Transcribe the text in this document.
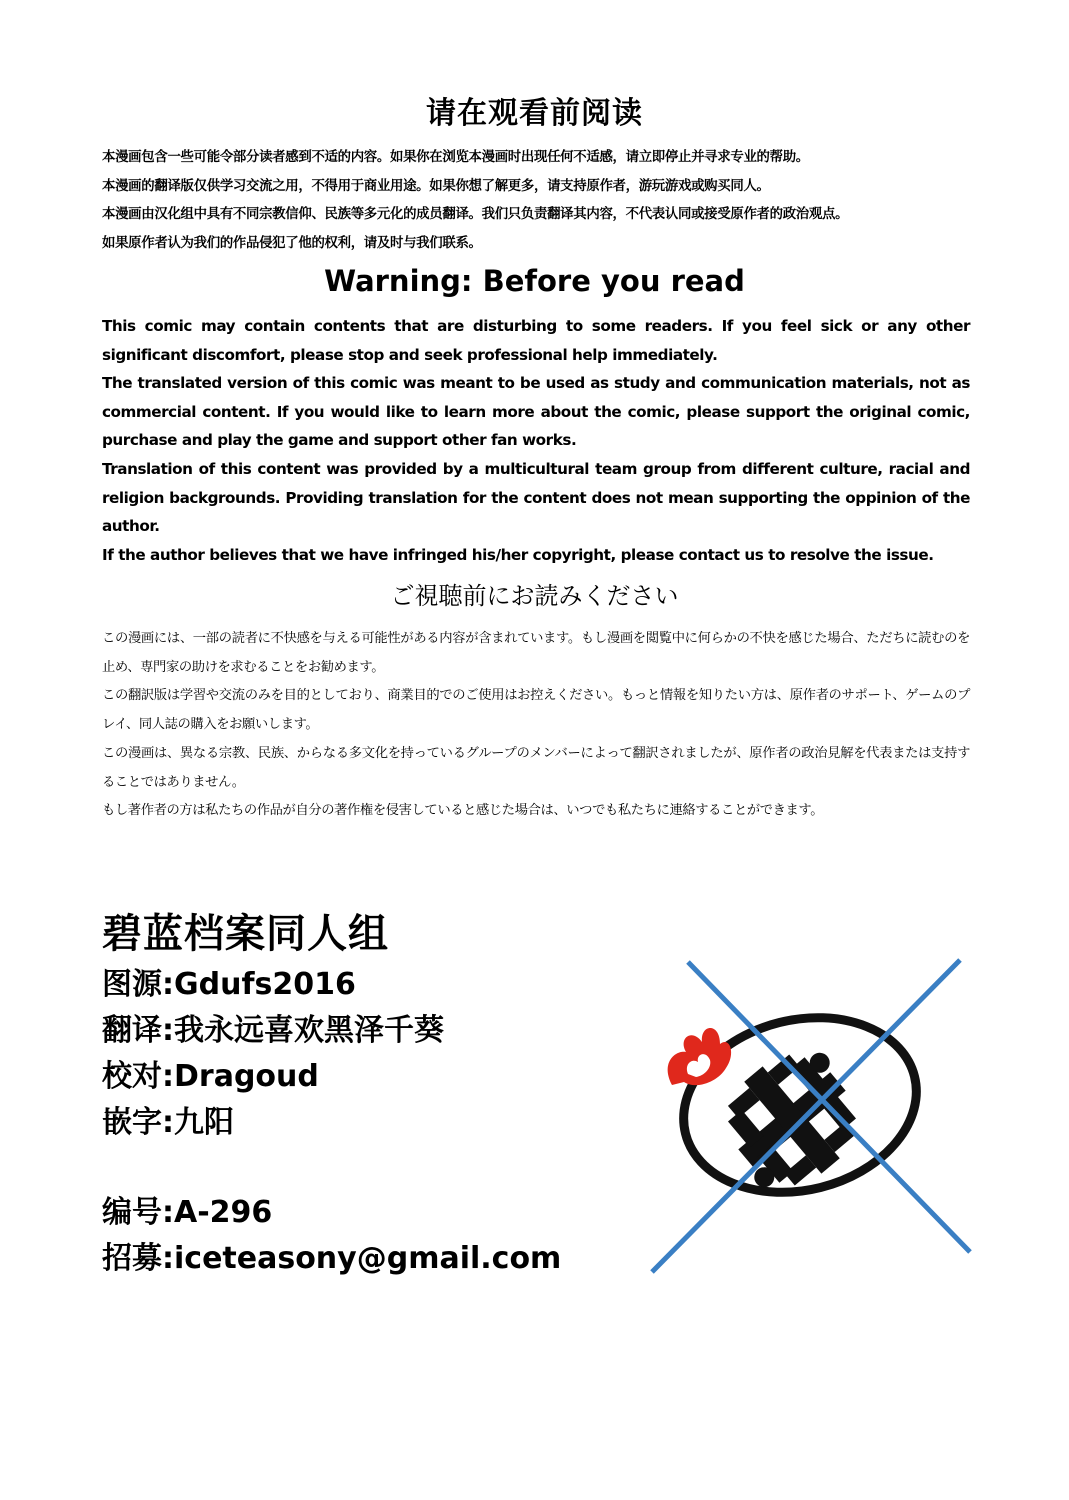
请在观看前阅读

本漫画包含一些可能令部分读者感到不适的内容。如果你在浏览本漫画时出现任何不适感，请立即停止并寻求专业的帮助。

本漫画的翻译版仅供学习交流之用，不得用于商业用途。如果你想了解更多，请支持原作者，游玩游戏或购买同人。

本漫画由汉化组中具有不同宗教信仰、民族等多元化的成员翻译。我们只负责翻译其内容，不代表认同或接受原作者的政治观点。

如果原作者认为我们的作品侵犯了他的权利，请及时与我们联系。

Warning: Before you read

This comic may contain contents that are disturbing to some readers. If you feel sick or any other significant discomfort, please stop and seek professional help immediately.

The translated version of this comic was meant to be used as study and communication materials, not as commercial content. If you would like to learn more about the comic, please support the original comic, purchase and play the game and support other fan works.

Translation of this content was provided by a multicultural team group from different culture, racial and religion backgrounds. Providing translation for the content does not mean supporting the oppinion of the author.

If the author believes that we have infringed his/her copyright, please contact us to resolve the issue.

ご視聴前にお読みください

この漫画には、一部の読者に不快感を与える可能性がある内容が含まれています。もし漫画を閲覧中に何らかの不快を感じた場合、ただちに読むのを止め、専門家の助けを求むることをお勧めます。

この翻訳版は学習や交流のみを目的としており、商業目的でのご使用はお控えください。もっと情報を知りたい方は、原作者のサポート、ゲームのプレイ、同人誌の購入をお願いします。

この漫画は、異なる宗教、民族、からなる多文化を持っているグループのメンバーによって翻訳されましたが、原作者の政治見解を代表または支持することではありません。

もし著作者の方は私たちの作品が自分の著作権を侵害していると感じた場合は、いつでも私たちに連絡することができます。

碧蓝档案同人组

图源:Gdufs2016

翻译:我永远喜欢黑泽千葵

校对:Dragoud

嵌字:九阳

编号:A-296

招募:iceteasony@gmail.com
